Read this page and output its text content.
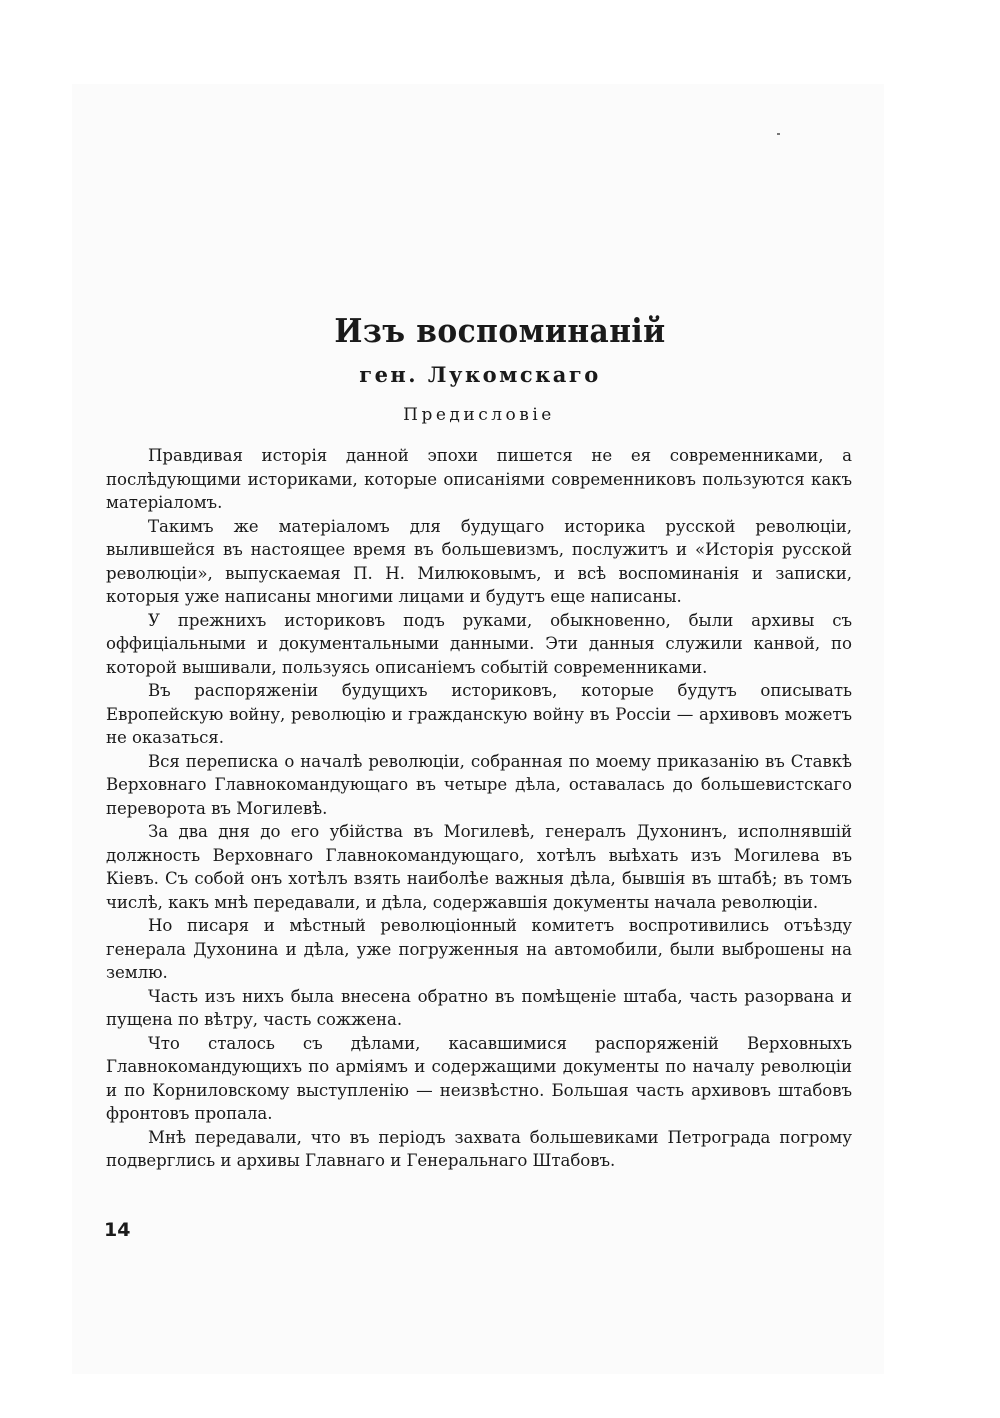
Изъ воспоминаній
ген. Лукомскаго
Предисловіе

Правдивая исторія данной эпохи пишется не ея современниками, а послѣдующими историками, которые описаніями современниковъ пользуются какъ матеріаломъ.

Такимъ же матеріаломъ для будущаго историка русской революціи, вылившейся въ настоящее время въ большевизмъ, послужитъ и «Исторія русской революціи», выпускаемая П. Н. Милюковымъ, и всѣ воспоминанія и записки, которыя уже написаны многими лицами и будутъ еще написаны.

У прежнихъ историковъ подъ руками, обыкновенно, были архивы съ оффиціальными и документальными данными. Эти данныя служили канвой, по которой вышивали, пользуясь описаніемъ событій современниками.

Въ распоряженіи будущихъ историковъ, которые будутъ описывать Европейскую войну, революцію и гражданскую войну въ Россіи — архивовъ можетъ не оказаться.

Вся переписка о началѣ революціи, собранная по моему приказанію въ Ставкѣ Верховнаго Главнокомандующаго въ четыре дѣла, оставалась до большевистскаго переворота въ Могилевѣ.

За два дня до его убійства въ Могилевѣ, генералъ Духонинъ, исполнявшій должность Верховнаго Главнокомандующаго, хотѣлъ выѣхать изъ Могилева въ Кіевъ. Съ собой онъ хотѣлъ взять наиболѣе важныя дѣла, бывшія въ штабѣ; въ томъ числѣ, какъ мнѣ передавали, и дѣла, содержавшія документы начала революціи.

Но писаря и мѣстный революціонный комитетъ воспротивились отъѣзду генерала Духонина и дѣла, уже погруженныя на автомобили, были выброшены на землю.

Часть изъ нихъ была внесена обратно въ помѣщеніе штаба, часть разорвана и пущена по вѣтру, часть сожжена.

Что сталось съ дѣлами, касавшимися распоряженій Верховныхъ Главнокомандующихъ по арміямъ и содержащими документы по началу революціи и по Корниловскому выступленію — неизвѣстно. Большая часть архивовъ штабовъ фронтовъ пропала.

Мнѣ передавали, что въ періодъ захвата большевиками Петрограда погрому подверглись и архивы Главнаго и Генеральнаго Штабовъ.

14
